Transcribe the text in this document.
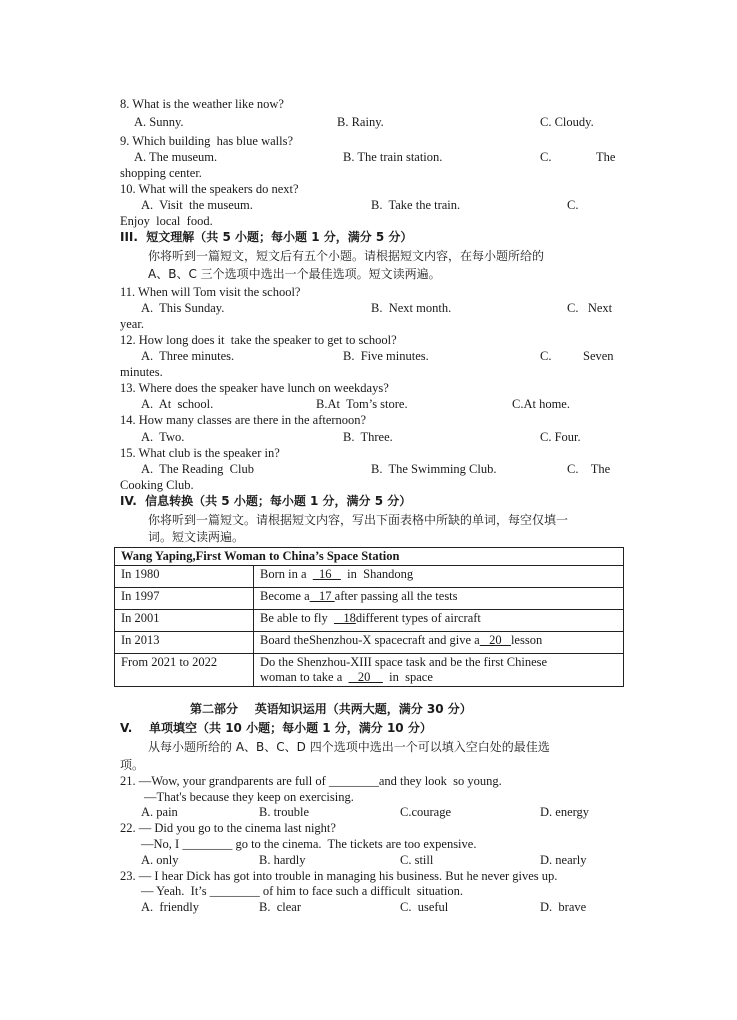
8. What is the weather like now?
A. Sunny.	B. Rainy.	C. Cloudy.
9. Which building  has blue walls?
A. The museum.	B. The train station.	C.	The
shopping center.
10. What will the speakers do next?
A.  Visit  the museum.	B.  Take the train.	C.
Enjoy  local  food.
11. When will Tom visit the school?
A.  This Sunday.	B.  Next month.	C.   Next
year.
12. How long does it  take the speaker to get to school?
A.  Three minutes.	B.  Five minutes.	C.	Seven
minutes.
13. Where does the speaker have lunch on weekdays?
A.  At  school.	B.At  Tom’s store.	C.At home.
14. How many classes are there in the afternoon?
A.  Two.	B.  Three.	C. Four.
15. What club is the speaker in?
A.  The Reading  Club	B.  The Swimming Club.	C.    The
Cooking Club.
21. —Wow, your grandparents are full of ________and they look  so young.
—That's because they keep on exercising.
A. pain	B. trouble	C.courage	D. energy
22. — Did you go to the cinema last night?
—No, I ________ go to the cinema.  The tickets are too expensive.
A. only	B. hardly	C. still	D. nearly
23. — I hear Dick has got into trouble in managing his business. But he never gives up.
— Yeah.  It’s ________ of him to face such a difficult  situation.
A.  friendly	B.  clear	C.  useful	D.  brave
III.  短文理解（共 5 小题；每小题 1 分，满分 5 分）
你将听到一篇短文，短文后有五个小题。请根据短文内容，在每小题所给的
A、B、C 三个选项中选出一个最佳选项。短文读两遍。
IV.  信息转换（共 5 小题；每小题 1 分，满分 5 分）
你将听到一篇短文。请根据短文内容，写出下面表格中所缺的单词，每空仅填一
词。短文读两遍。
第二部分    英语知识运用（共两大题，满分 30 分）
V.    单项填空（共 10 小题；每小题 1 分，满分 10 分）
从每小题所给的 A、B、C、D 四个选项中选出一个可以填入空白处的最佳选
项。
Wang Yaping,First Woman to China’s Space Station	
In 1980	Born in a    16     in  Shandong

In 1997	Become a   17 after passing all the tests

In 2001	Be able to fly     18different types of aircraft

In 2013	Board theShenzhou-X spacecraft and give a   20   lesson

From 2021 to 2022	Do the Shenzhou-XIII space task and be the first Chinese
woman to take a     20      in  space
